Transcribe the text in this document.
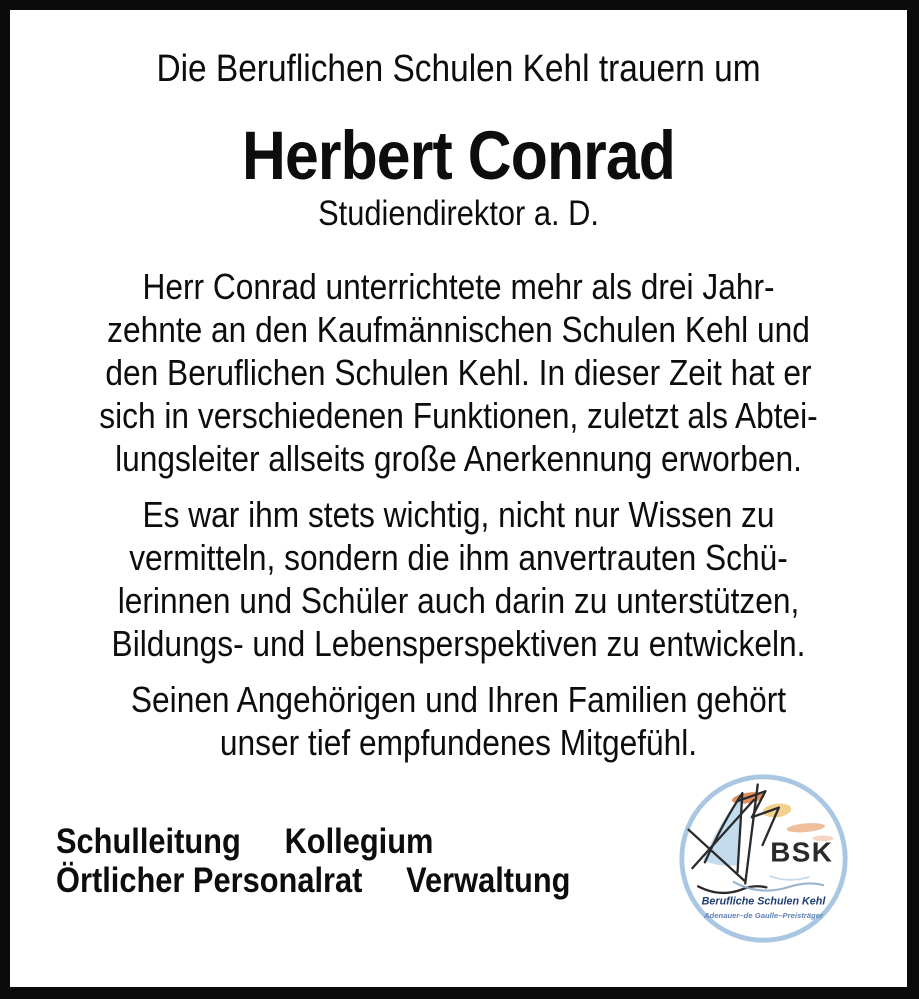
Die Beruflichen Schulen Kehl trauern um
Herbert Conrad
Studiendirektor a. D.
Herr Conrad unterrichtete mehr als drei Jahr-
zehnte an den Kaufmännischen Schulen Kehl und
den Beruflichen Schulen Kehl. In dieser Zeit hat er
sich in verschiedenen Funktionen, zuletzt als Abtei-
lungsleiter allseits große Anerkennung erworben.
Es war ihm stets wichtig, nicht nur Wissen zu
vermitteln, sondern die ihm anvertrauten Schü-
lerinnen und Schüler auch darin zu unterstützen,
Bildungs- und Lebensperspektiven zu entwickeln.
Seinen Angehörigen und Ihren Familien gehört
unser tief empfundenes Mitgefühl.
Schulleitung Kollegium
Örtlicher Personalrat Verwaltung
BSK
Berufliche Schulen Kehl
Adenauer–de Gaulle–Preisträger
